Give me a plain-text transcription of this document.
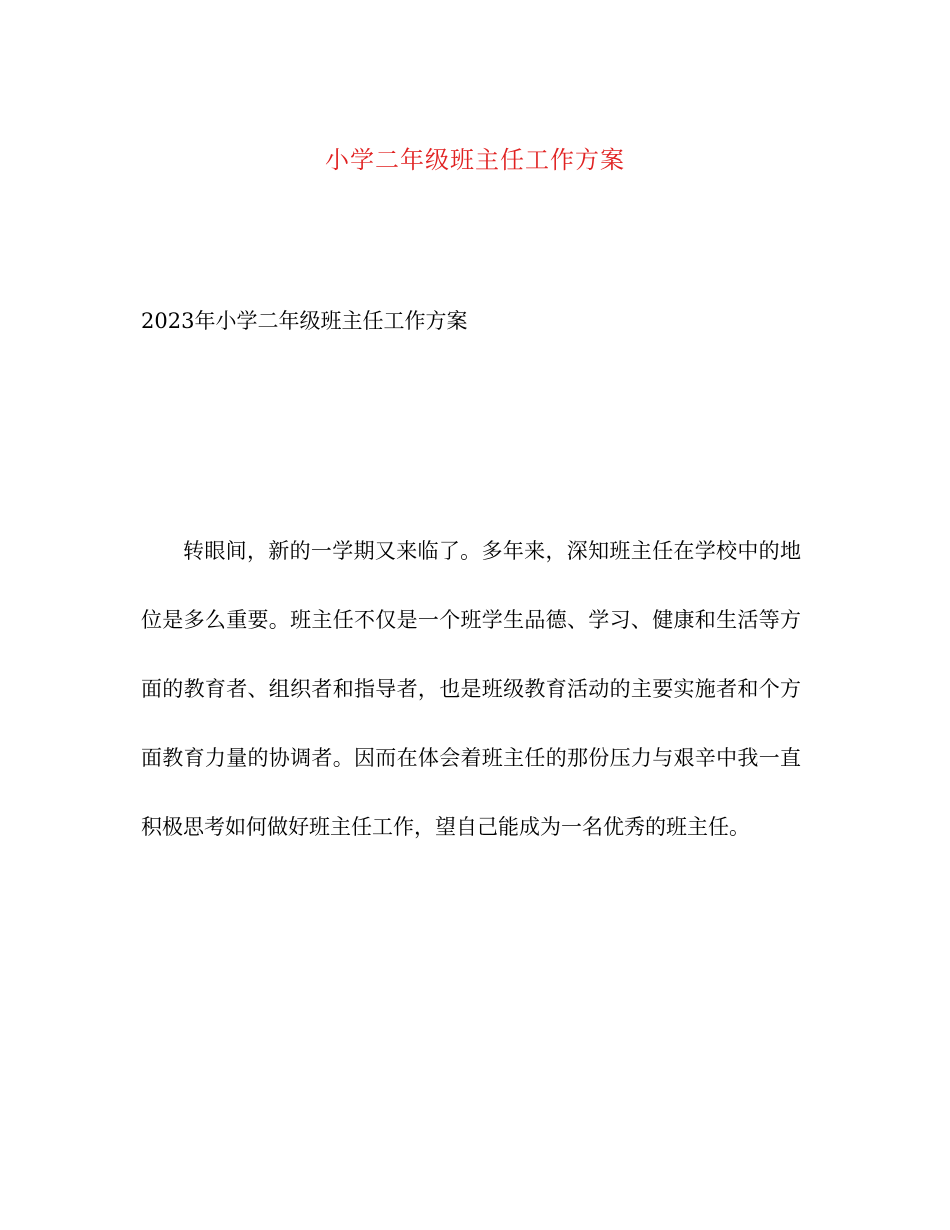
小学二年级班主任工作方案

2023年小学二年级班主任工作方案

转眼间，新的一学期又来临了。多年来，深知班主任在学校中的地位是多么重要。班主任不仅是一个班学生品德、学习、健康和生活等方面的教育者、组织者和指导者，也是班级教育活动的主要实施者和个方面教育力量的协调者。因而在体会着班主任的那份压力与艰辛中我一直积极思考如何做好班主任工作，望自己能成为一名优秀的班主任。
